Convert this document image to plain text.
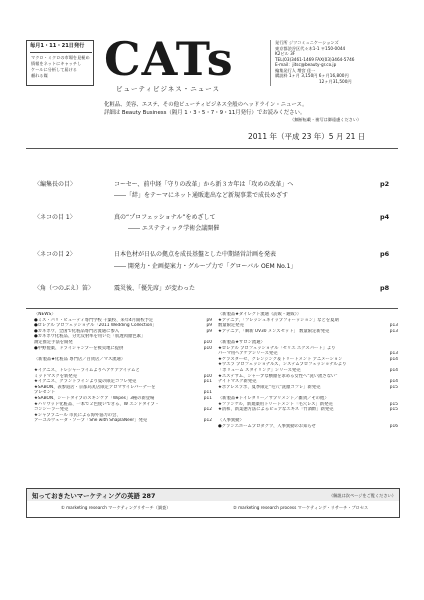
毎月1・11・21日発行
マクロ・ミクロの市場を見極め
情報をネットにキャッチし
ケールに分析して届ける
頼れる媒 CATs
ビューティビジネス・ニュース
発行所 ジツコミュニケーションズ
東京都渋谷区代々木1-1 〒150-0044
K2ビル 3F
TEL(03)3461-1469 FAX(03)3464-5746
E-mail：jitsc@beauty-gr.co.jp
編集発行人 増宮 佳一
購読料 1ヶ月 3,150円 6ヶ月16,800円
12ヶ月31,500円
化粧品、美容、エステ、その他ビューティビジネス全般のヘッドライン・ニュース。
詳細は Beauty Business（隔月 1・3・5・7・9・11月発行）でお読みください。
（無断転載・複写は御遠慮ください）
2011 年（平成 23 年）5 月 21 日
〈編集長の目〉	コーセー、前中経「守りの改革」から新３カ年は「攻めの改革」へ	p2
――「絆」をテーマにネット通販進出など新規事業で成長めざす
〈ネコの目 1〉	真の“プロフェッショナル”をめざして	p4
―― エステティック学術会議開催
〈ネコの目 2〉	日本色材が日仏の拠点を成長基盤とした中期経営計画を発表	p6
―― 開発力・企画提案力・グループ力で「グローバル OEM No.1」
〈角（つのぶえ）笛〉	震災後、「優先席」が変わった	p8
〈NEWS〉
●ミス・パリ・ビューティ専門学校 千葉校、来年4月開校予定	p9
●ロレアル プロフェッショナル「2011 Wedding Collection」	p9
●カネボウ、全国で化粧品専門店流通に参入	p9
●カネボウ化粧品、分光反射率を用いた「肌透肉顔色素」
測定推定手法を開発	p10
●中野製薬、ドライシャンプーを被災地に提供	p10
〈新製品★化粧品 専門店／百貨店／マス流通〉
★イグニス、トレジャーライムよりヘアケアアイテムと
ミッドマスクを新発売	p10
★イグニス、グラントラインより夏の限定コフレ発売	p11
★SABON、表参道店・京都烏丸店限定アロマサイレバーナーを
プレゼント	p11
★SABON、シートタイプのスキンケア「Wipes」3種の新登場	p11
★ハリウッド化粧品、一本で２色使いできる、W エンドタイプ・
コンシーラー発売	p12
★シャプラニール 市民による海外協力の会、
アーユルヴェーダ・ソープ「She with ShaplaNeer」発売	p12
〈新製品★ダイレクト流通（訪販・通販）〉
★アテニア、「フレッシュネイップフォーッション」などを夏期
数量限定発売	p13
★アテニア、「瞬新 UV30 メンズセット」 数量限定新発売	p13
〈新製品★サロン流通〉
★ロレアル プロフェッショナル「セリエ エクスパート」より
パーマ用ヘアケアシリーズ発売	p13
★ケラスターゼ、クレンジング＆トリートメント アニメーション	p14
★ウエラ プロフェッショナルズ、システムプロフェッショナルより
「ボリューム スタイリング」シリーズ発売	p14
★エステサム、シャーブな横顔を求める女性へ“洗い流さない”
ナイトマスク新発売	p14
★ポアレスラボ、夏季限定“毛穴”洗顔コフレ」新発売	p15
〈新製品★トイレタリー／サプリメント／雑貨／その他〉
★ファンケル、新規薬用トリートメント「毛穴レス」新発売	p15
★清和、新業態方法によるピュアなエキス「竹酒酢」新発売	p15
〈人事異動〉
●クランエホームプロダクツ、人事異動のお知らせ	p16
知っておきたいマーケティングの英語 287	（解説は次ページをご覧ください）
① marketing research マーケティングリサーチ（調査）	② marketing research process マーケティング・リサーチ・プロセス
